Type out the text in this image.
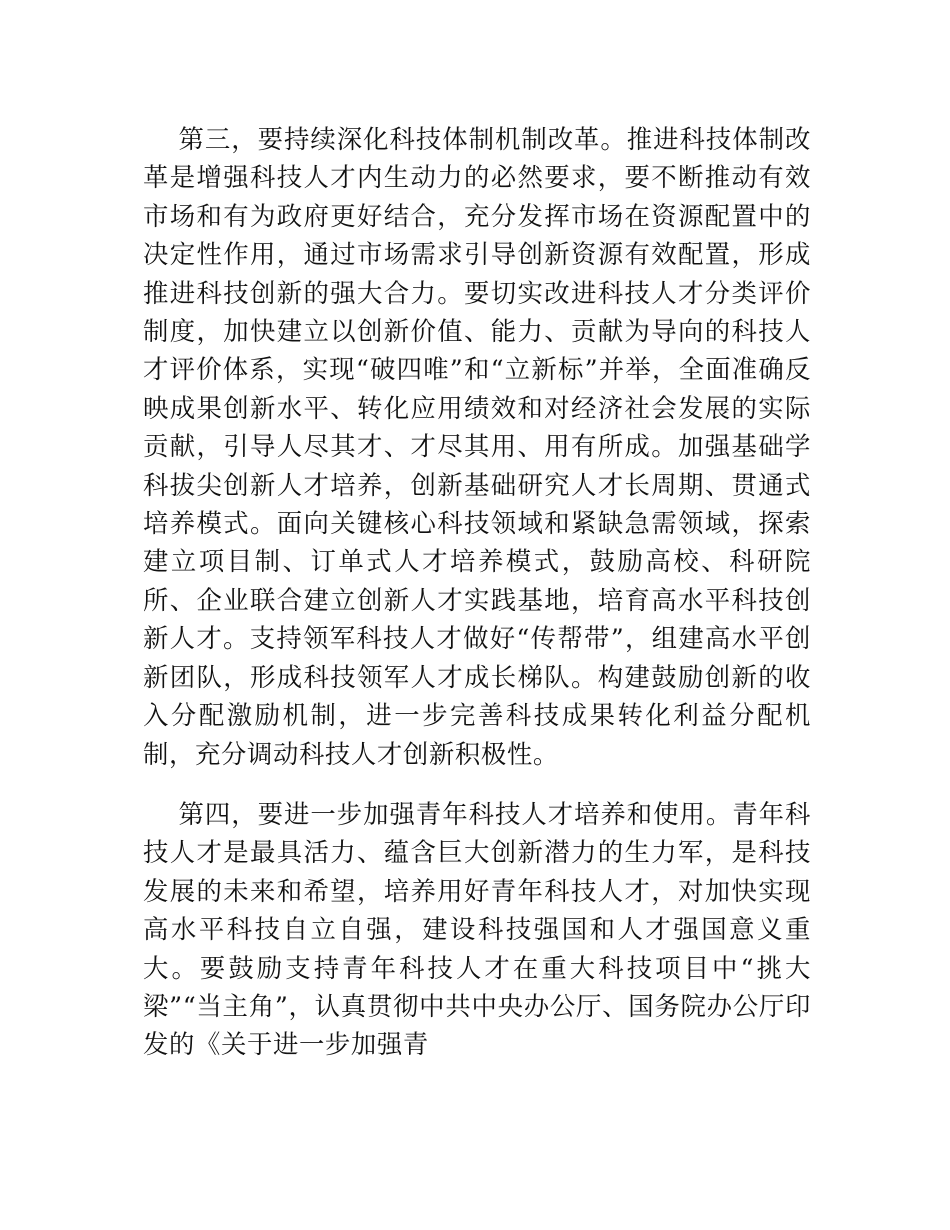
第三，要持续深化科技体制机制改革。推进科技体制改革是增强科技人才内生动力的必然要求，要不断推动有效市场和有为政府更好结合，充分发挥市场在资源配置中的决定性作用，通过市场需求引导创新资源有效配置，形成推进科技创新的强大合力。要切实改进科技人才分类评价制度，加快建立以创新价值、能力、贡献为导向的科技人才评价体系，实现“破四唯”和“立新标”并举，全面准确反映成果创新水平、转化应用绩效和对经济社会发展的实际贡献，引导人尽其才、才尽其用、用有所成。加强基础学科拔尖创新人才培养，创新基础研究人才长周期、贯通式培养模式。面向关键核心科技领域和紧缺急需领域，探索建立项目制、订单式人才培养模式，鼓励高校、科研院所、企业联合建立创新人才实践基地，培育高水平科技创新人才。支持领军科技人才做好“传帮带”，组建高水平创新团队，形成科技领军人才成长梯队。构建鼓励创新的收入分配激励机制，进一步完善科技成果转化利益分配机制，充分调动科技人才创新积极性。

第四，要进一步加强青年科技人才培养和使用。青年科技人才是最具活力、蕴含巨大创新潜力的生力军，是科技发展的未来和希望，培养用好青年科技人才，对加快实现高水平科技自立自强，建设科技强国和人才强国意义重大。要鼓励支持青年科技人才在重大科技项目中“挑大梁”“当主角”，认真贯彻中共中央办公厅、国务院办公厅印发的《关于进一步加强青
